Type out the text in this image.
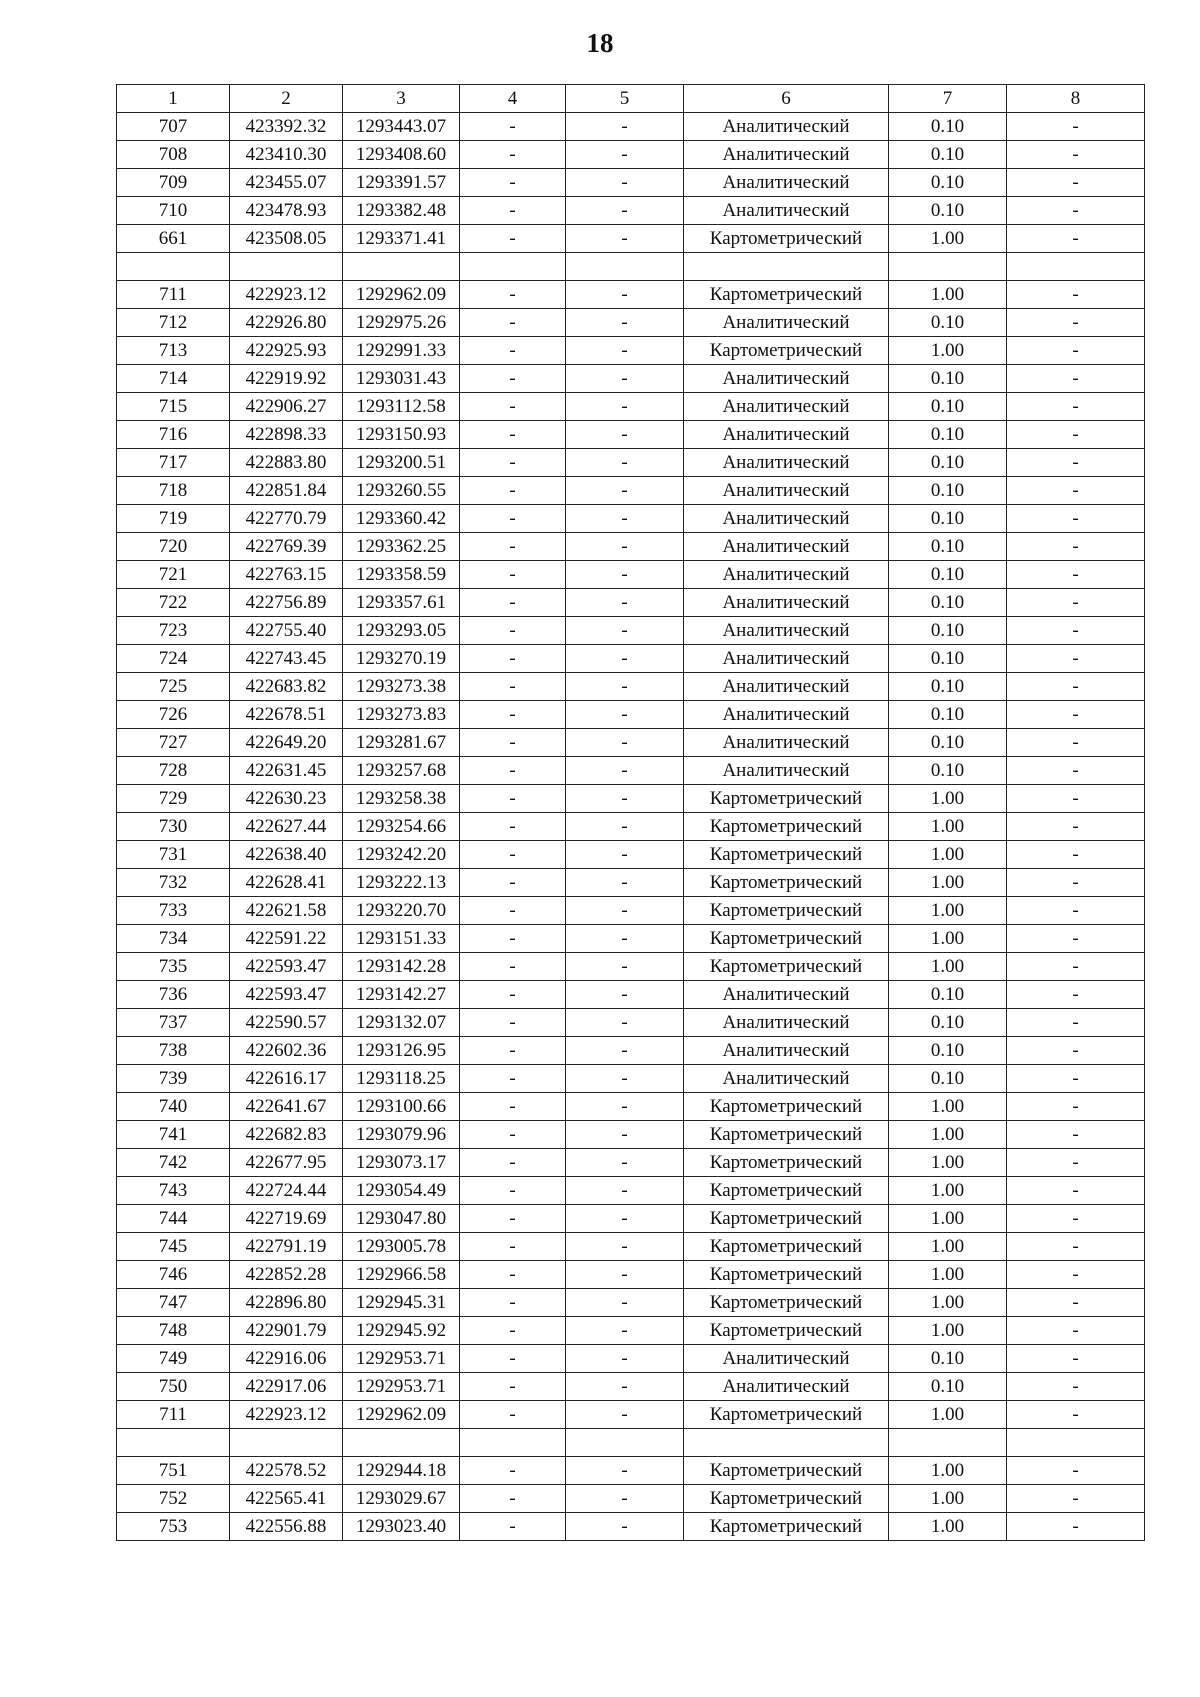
18
1	2	3	4	5	6	7	8
707	423392.32	1293443.07	-	-	Аналитический	0.10	-
708	423410.30	1293408.60	-	-	Аналитический	0.10	-
709	423455.07	1293391.57	-	-	Аналитический	0.10	-
710	423478.93	1293382.48	-	-	Аналитический	0.10	-
661	423508.05	1293371.41	-	-	Картометрический	1.00	-

711	422923.12	1292962.09	-	-	Картометрический	1.00	-
712	422926.80	1292975.26	-	-	Аналитический	0.10	-
713	422925.93	1292991.33	-	-	Картометрический	1.00	-
714	422919.92	1293031.43	-	-	Аналитический	0.10	-
715	422906.27	1293112.58	-	-	Аналитический	0.10	-
716	422898.33	1293150.93	-	-	Аналитический	0.10	-
717	422883.80	1293200.51	-	-	Аналитический	0.10	-
718	422851.84	1293260.55	-	-	Аналитический	0.10	-
719	422770.79	1293360.42	-	-	Аналитический	0.10	-
720	422769.39	1293362.25	-	-	Аналитический	0.10	-
721	422763.15	1293358.59	-	-	Аналитический	0.10	-
722	422756.89	1293357.61	-	-	Аналитический	0.10	-
723	422755.40	1293293.05	-	-	Аналитический	0.10	-
724	422743.45	1293270.19	-	-	Аналитический	0.10	-
725	422683.82	1293273.38	-	-	Аналитический	0.10	-
726	422678.51	1293273.83	-	-	Аналитический	0.10	-
727	422649.20	1293281.67	-	-	Аналитический	0.10	-
728	422631.45	1293257.68	-	-	Аналитический	0.10	-
729	422630.23	1293258.38	-	-	Картометрический	1.00	-
730	422627.44	1293254.66	-	-	Картометрический	1.00	-
731	422638.40	1293242.20	-	-	Картометрический	1.00	-
732	422628.41	1293222.13	-	-	Картометрический	1.00	-
733	422621.58	1293220.70	-	-	Картометрический	1.00	-
734	422591.22	1293151.33	-	-	Картометрический	1.00	-
735	422593.47	1293142.28	-	-	Картометрический	1.00	-
736	422593.47	1293142.27	-	-	Аналитический	0.10	-
737	422590.57	1293132.07	-	-	Аналитический	0.10	-
738	422602.36	1293126.95	-	-	Аналитический	0.10	-
739	422616.17	1293118.25	-	-	Аналитический	0.10	-
740	422641.67	1293100.66	-	-	Картометрический	1.00	-
741	422682.83	1293079.96	-	-	Картометрический	1.00	-
742	422677.95	1293073.17	-	-	Картометрический	1.00	-
743	422724.44	1293054.49	-	-	Картометрический	1.00	-
744	422719.69	1293047.80	-	-	Картометрический	1.00	-
745	422791.19	1293005.78	-	-	Картометрический	1.00	-
746	422852.28	1292966.58	-	-	Картометрический	1.00	-
747	422896.80	1292945.31	-	-	Картометрический	1.00	-
748	422901.79	1292945.92	-	-	Картометрический	1.00	-
749	422916.06	1292953.71	-	-	Аналитический	0.10	-
750	422917.06	1292953.71	-	-	Аналитический	0.10	-
711	422923.12	1292962.09	-	-	Картометрический	1.00	-

751	422578.52	1292944.18	-	-	Картометрический	1.00	-
752	422565.41	1293029.67	-	-	Картометрический	1.00	-
753	422556.88	1293023.40	-	-	Картометрический	1.00	-
